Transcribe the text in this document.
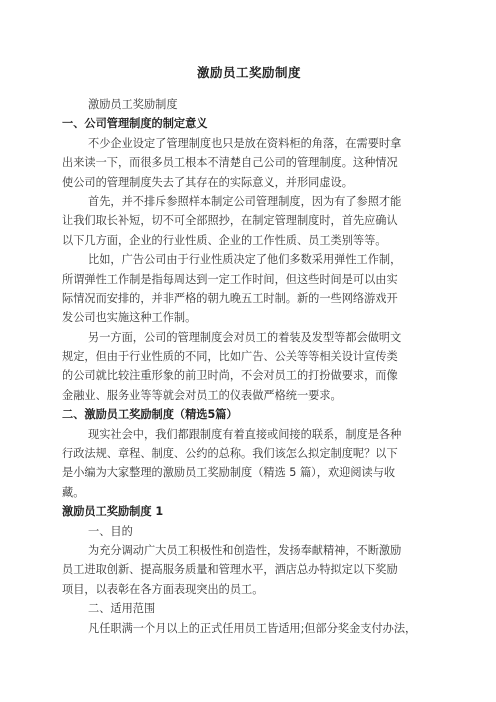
激励员工奖励制度
激励员工奖励制度
一、公司管理制度的制定意义
不少企业设定了管理制度也只是放在资料柜的角落，在需要时拿
出来读一下，而很多员工根本不清楚自己公司的管理制度。这种情况
使公司的管理制度失去了其存在的实际意义，并形同虚设。
首先，并不排斥参照样本制定公司管理制度，因为有了参照才能
让我们取长补短，切不可全部照抄，在制定管理制度时，首先应确认
以下几方面，企业的行业性质、企业的工作性质、员工类别等等。
比如，广告公司由于行业性质决定了他们多数采用弹性工作制，
所谓弹性工作制是指每周达到一定工作时间，但这些时间是可以由实
际情况而安排的，并非严格的朝九晚五工时制。新的一些网络游戏开
发公司也实施这种工作制。
另一方面，公司的管理制度会对员工的着装及发型等都会做明文
规定，但由于行业性质的不同，比如广告、公关等等相关设计宣传类
的公司就比较注重形象的前卫时尚，不会对员工的打扮做要求，而像
金融业、服务业等等就会对员工的仪表做严格统一要求。
二、激励员工奖励制度（精选5篇）
现实社会中，我们都跟制度有着直接或间接的联系，制度是各种
行政法规、章程、制度、公约的总称。我们该怎么拟定制度呢？以下
是小编为大家整理的激励员工奖励制度（精选 5 篇），欢迎阅读与收
藏。
激励员工奖励制度 1
一、目的
为充分调动广大员工积极性和创造性，发扬奉献精神，不断激励
员工进取创新、提高服务质量和管理水平，酒店总办特拟定以下奖励
项目，以表彰在各方面表现突出的员工。
二、适用范围
凡任职满一个月以上的正式任用员工皆适用;但部分奖金支付办法，
